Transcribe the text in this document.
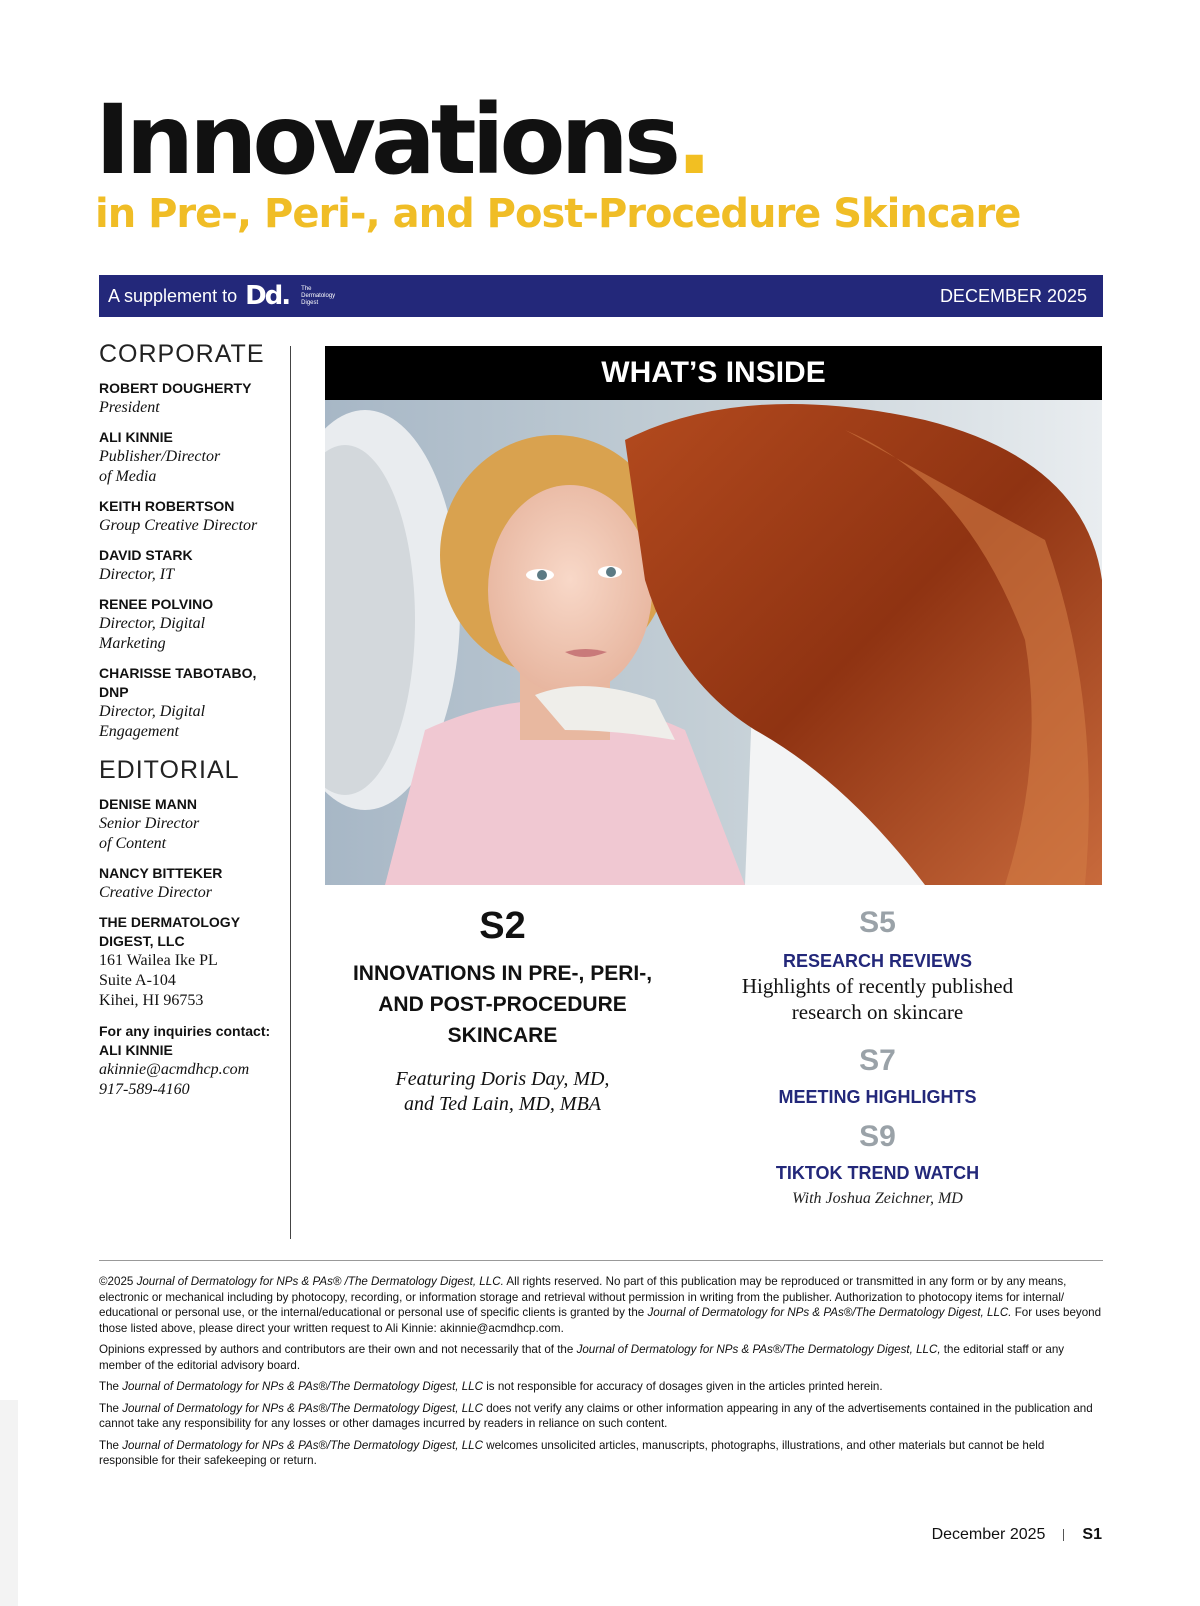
Innovations.
in Pre-, Peri-, and Post-Procedure Skincare
A supplement to Dd. The
Dermatology
Digest	DECEMBER 2025
CORPORATE
ROBERT DOUGHERTY
President
ALI KINNIE
Publisher/Director
of Media
KEITH ROBERTSON
Group Creative Director
DAVID STARK
Director, IT
RENEE POLVINO
Director, Digital
Marketing
CHARISSE TABOTABO, DNP
Director, Digital
Engagement
EDITORIAL
DENISE MANN
Senior Director
of Content
NANCY BITTEKER
Creative Director
THE DERMATOLOGY
DIGEST, LLC
161 Wailea Ike PL
Suite A-104
Kihei, HI 96753
For any inquiries contact:
ALI KINNIE
akinnie@acmdhcp.com
917-589-4160
WHAT’S INSIDE
S2
INNOVATIONS IN PRE-, PERI-,
AND POST-PROCEDURE
SKINCARE
Featuring Doris Day, MD,
and Ted Lain, MD, MBA
S5
RESEARCH REVIEWS
Highlights of recently published
research on skincare
S7
MEETING HIGHLIGHTS
S9
TIKTOK TREND WATCH
With Joshua Zeichner, MD

©2025 Journal of Dermatology for NPs & PAs® /The Dermatology Digest, LLC. All rights reserved. No part of this publication may be reproduced or transmitted in any form or by any means, electronic or mechanical including by photocopy, recording, or information storage and retrieval without permission in writing from the publisher. Authorization to photocopy items for internal/ educational or personal use, or the internal/educational or personal use of specific clients is granted by the Journal of Dermatology for NPs & PAs®/The Dermatology Digest, LLC. For uses beyond those listed above, please direct your written request to Ali Kinnie: akinnie@acmdhcp.com.

Opinions expressed by authors and contributors are their own and not necessarily that of the Journal of Dermatology for NPs & PAs®/The Dermatology Digest, LLC, the editorial staff or any member of the editorial advisory board.

The Journal of Dermatology for NPs & PAs®/The Dermatology Digest, LLC is not responsible for accuracy of dosages given in the articles printed herein.

The Journal of Dermatology for NPs & PAs®/The Dermatology Digest, LLC does not verify any claims or other information appearing in any of the advertisements contained in the publication and cannot take any responsibility for any losses or other damages incurred by readers in reliance on such content.

The Journal of Dermatology for NPs & PAs®/The Dermatology Digest, LLC welcomes unsolicited articles, manuscripts, photographs, illustrations, and other materials but cannot be held responsible for their safekeeping or return.

December 2025 S1
